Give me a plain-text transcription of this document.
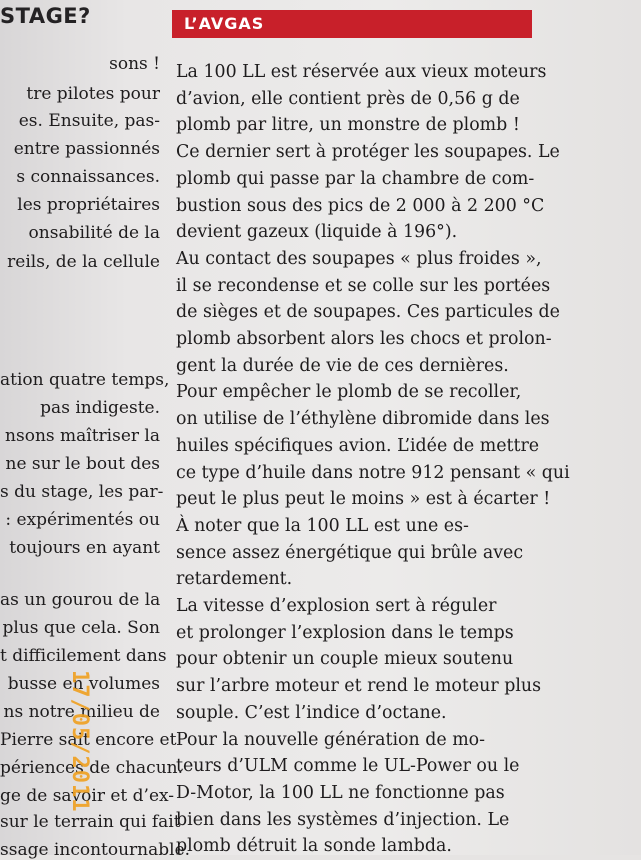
STAGE?
sons !
tre pilotes pour
es. Ensuite, pas-
entre passionnés
s connaissances.
les propriétaires
onsabilité de la
reils, de la cellule
ation quatre temps,
pas indigeste.
nsons maîtriser la
ne sur le bout des
s du stage, les par-
: expérimentés ou
toujours en ayant
as un gourou de la
plus que cela. Son
t difficilement dans
busse en volumes
ns notre milieu de
Pierre sait encore et
périences de chacun.
ge de savoir et d’ex-
sur le terrain qui fait
ssage incontournable.
L’AVGAS
La 100 LL est réservée aux vieux moteurs
d’avion, elle contient près de 0,56 g de
plomb par litre, un monstre de plomb !
Ce dernier sert à protéger les soupapes. Le
plomb qui passe par la chambre de com-
bustion sous des pics de 2 000 à 2 200 °C
devient gazeux (liquide à 196°).
Au contact des soupapes « plus froides »,
il se recondense et se colle sur les portées
de sièges et de soupapes. Ces particules de
plomb absorbent alors les chocs et prolon-
gent la durée de vie de ces dernières.
Pour empêcher le plomb de se recoller,
on utilise de l’éthylène dibromide dans les
huiles spécifiques avion. L’idée de mettre
ce type d’huile dans notre 912 pensant « qui
peut le plus peut le moins » est à écarter !
À noter que la 100 LL est une es-
sence assez énergétique qui brûle avec
retardement.
La vitesse d’explosion sert à réguler
et prolonger l’explosion dans le temps
pour obtenir un couple mieux soutenu
sur l’arbre moteur et rend le moteur plus
souple. C’est l’indice d’octane.
Pour la nouvelle génération de mo-
teurs d’ULM comme le UL-Power ou le
D-Motor, la 100 LL ne fonctionne pas
bien dans les systèmes d’injection. Le
plomb détruit la sonde lambda.
17/05/2011
